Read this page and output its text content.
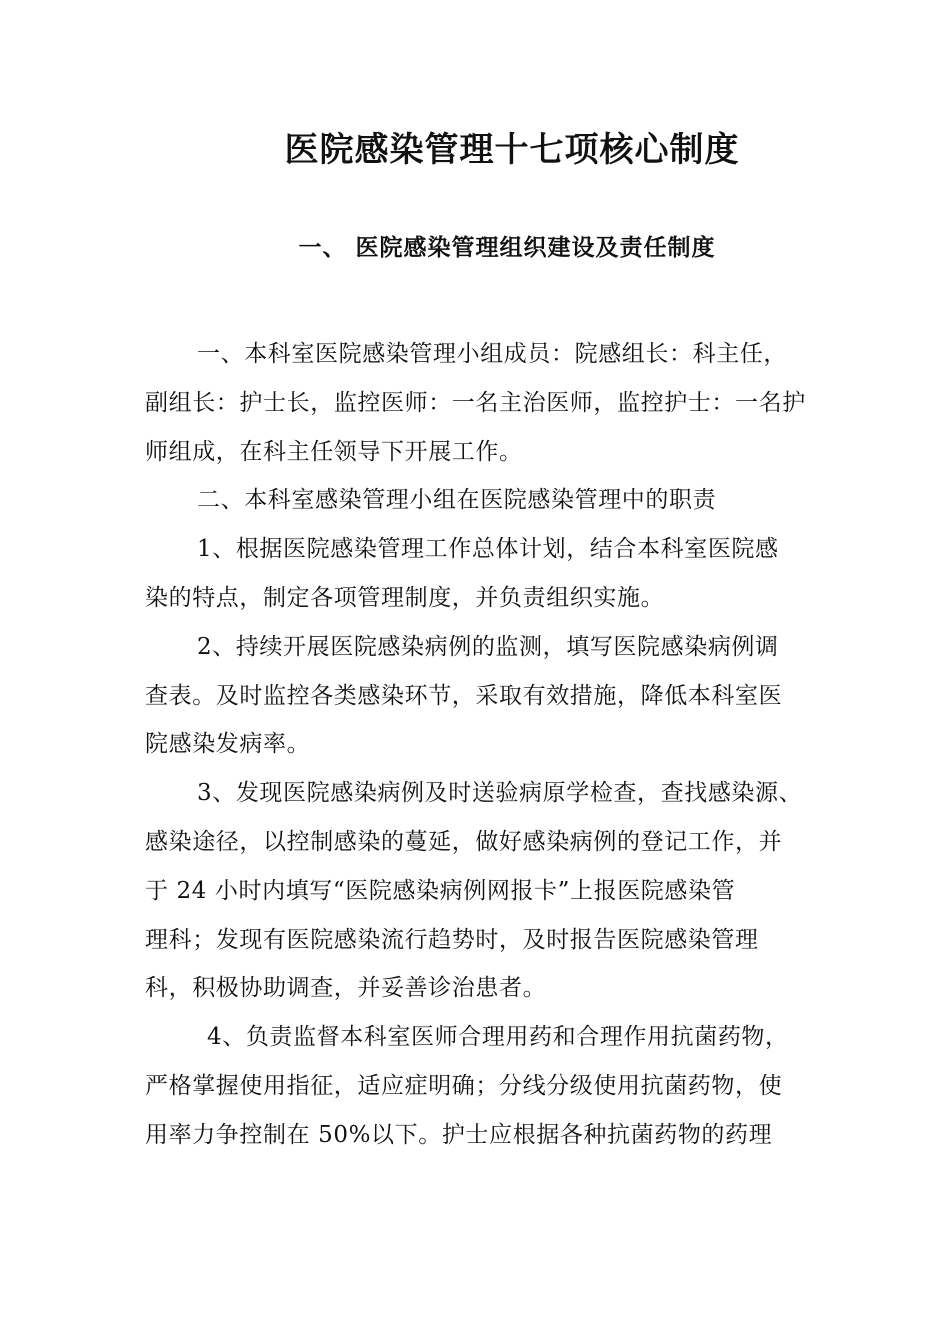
医院感染管理十七项核心制度
一、 医院感染管理组织建设及责任制度

一、本科室医院感染管理小组成员：院感组长：科主任，
副组长：护士长，监控医师：一名主治医师，监控护士：一名护
师组成，在科主任领导下开展工作。

二、本科室感染管理小组在医院感染管理中的职责

1、根据医院感染管理工作总体计划，结合本科室医院感
染的特点，制定各项管理制度，并负责组织实施。

2、持续开展医院感染病例的监测，填写医院感染病例调
查表。及时监控各类感染环节，采取有效措施，降低本科室医
院感染发病率。

3、发现医院感染病例及时送验病原学检查，查找感染源、
感染途径，以控制感染的蔓延，做好感染病例的登记工作，并
于 24 小时内填写“医院感染病例网报卡”上报医院感染管
理科；发现有医院感染流行趋势时，及时报告医院感染管理
科，积极协助调查，并妥善诊治患者。

4、负责监督本科室医师合理用药和合理作用抗菌药物，
严格掌握使用指征，适应症明确；分线分级使用抗菌药物，使
用率力争控制在 50%以下。护士应根据各种抗菌药物的药理
